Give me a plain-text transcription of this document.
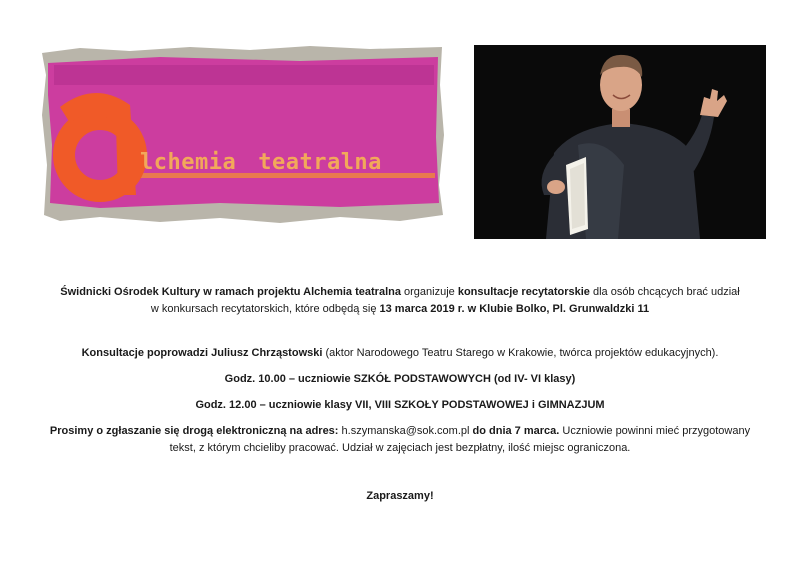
lchemia teatralna
Świdnicki Ośrodek Kultury w ramach projektu Alchemia teatralna organizuje konsultacje recytatorskie dla osób chcących brać udział
w konkursach recytatorskich, które odbędą się 13 marca 2019 r. w Klubie Bolko, Pl. Grunwaldzki 11
Konsultacje poprowadzi Juliusz Chrząstowski (aktor Narodowego Teatru Starego w Krakowie, twórca projektów edukacyjnych).
Godz. 10.00 – uczniowie SZKÓŁ PODSTAWOWYCH (od IV- VI klasy)
Godz. 12.00 – uczniowie klasy VII, VIII SZKOŁY PODSTAWOWEJ i GIMNAZJUM
Prosimy o zgłaszanie się drogą elektroniczną na adres: h.szymanska@sok.com.pl do dnia 7 marca. Uczniowie powinni mieć przygotowany
tekst, z którym chcieliby pracować. Udział w zajęciach jest bezpłatny, ilość miejsc ograniczona.
Zapraszamy!
